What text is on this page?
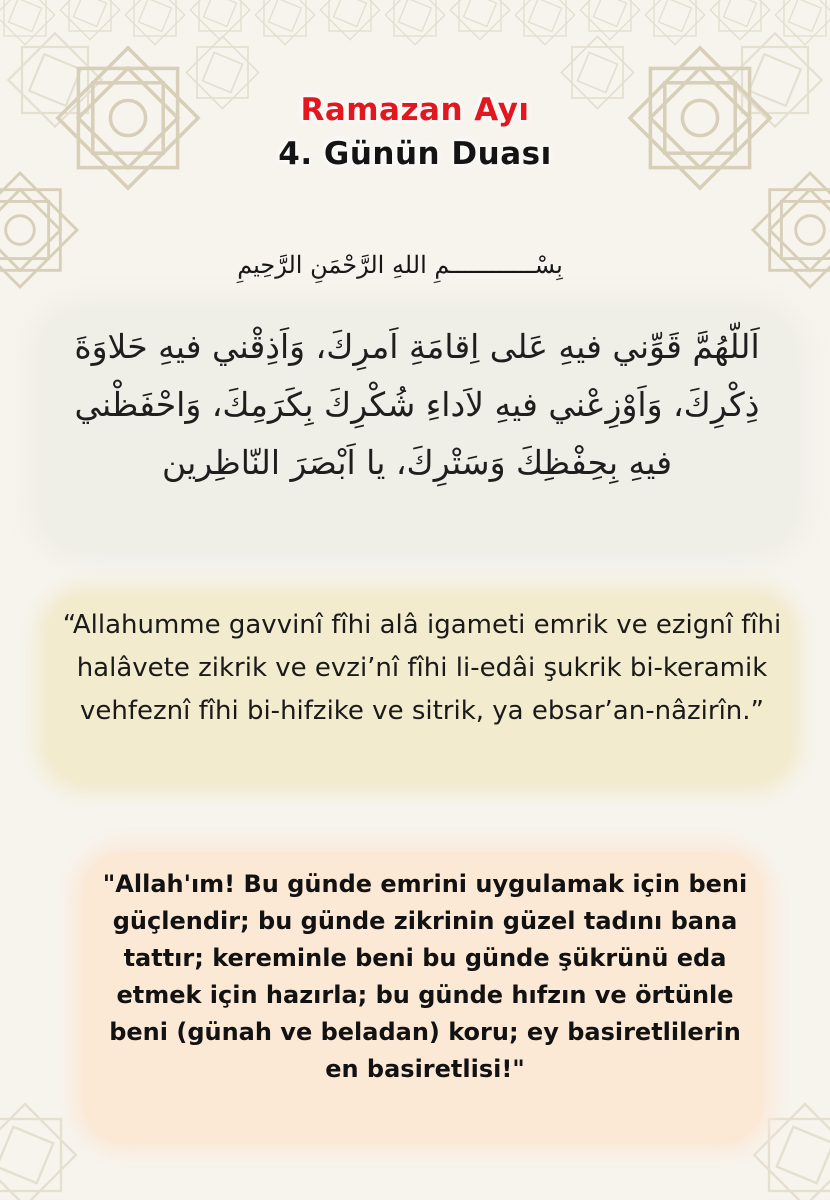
Ramazan Ayı
4. Günün Duası
بِسْــــــــــــمِ اللهِ الرَّحْمَنِ الرَّحِيمِ
اَللّهُمَّ قَوِّني فيهِ عَلى اِقامَةِ اَمرِكَ، وَاَذِقْني فيهِ حَلاوَةَ ذِكْرِكَ، وَاَوْزِعْني فيهِ لاَداءِ شُكْرِكَ بِكَرَمِكَ، وَاحْفَظْني فيهِ بِحِفْظِكَ وَسَتْرِكَ، يا اَبْصَرَ النّاظِرين
“Allahumme gavvinî fîhi alâ igameti emrik ve ezignî fîhi halâvete zikrik ve evzi’nî fîhi li-edâi şukrik bi-keramik vehfeznî fîhi bi-hifzike ve sitrik, ya ebsar’an-nâzirîn.”
"Allah'ım! Bu günde emrini uygulamak için beni güçlendir; bu günde zikrinin güzel tadını bana tattır; kereminle beni bu günde şükrünü eda etmek için hazırla; bu günde hıfzın ve örtünle beni (günah ve beladan) koru; ey basiretlilerin en basiretlisi!"
